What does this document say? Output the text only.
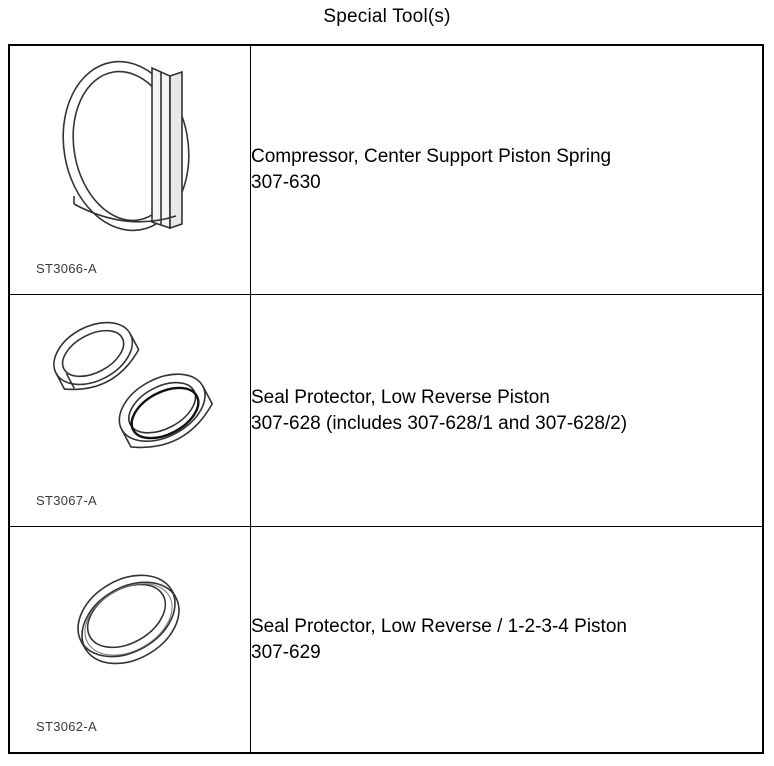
Special Tool(s)
ST3066-A	Compressor, Center Support Piston Spring
307-630

ST3067-A	Seal Protector, Low Reverse Piston
307-628 (includes 307-628/1 and 307-628/2)

ST3062-A	Seal Protector, Low Reverse / 1-2-3-4 Piston
307-629
